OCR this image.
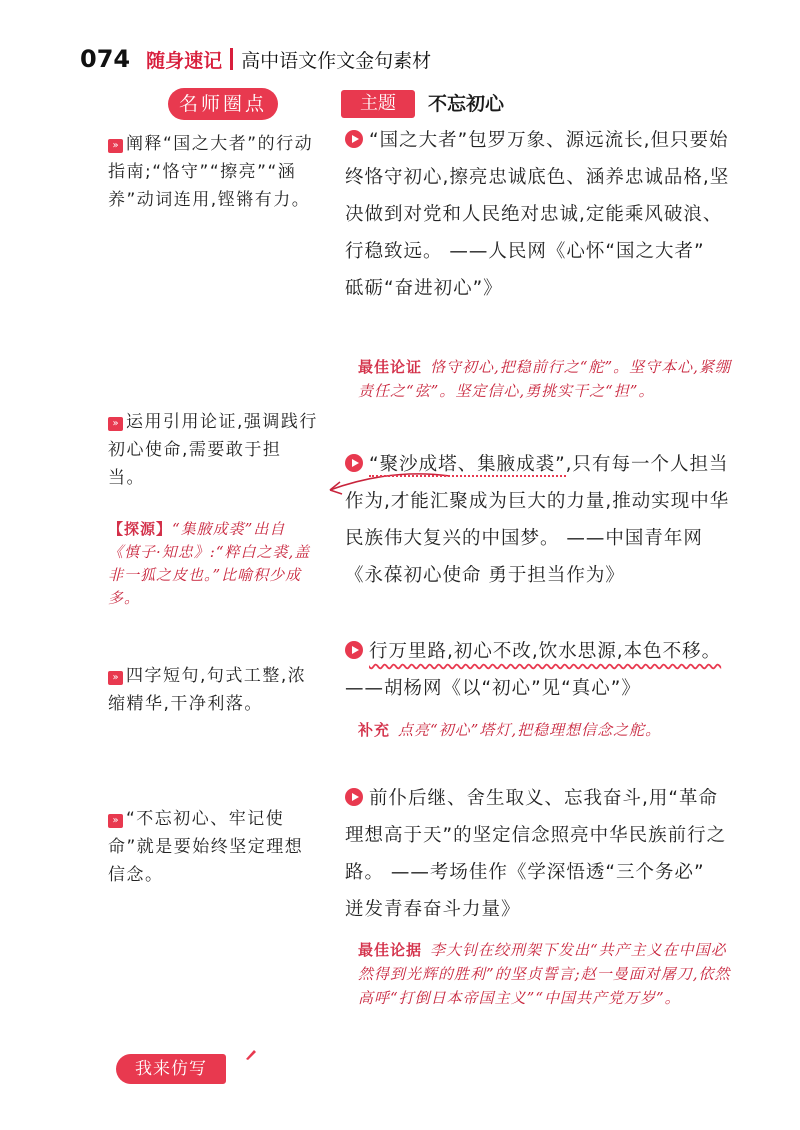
074 随身速记 高中语文作文金句素材
名师圈点	主题	不忘初心
» 阐释“国之大者”的行动指南;“恪守”“擦亮”“涵养”动词连用,铿锵有力。
» 运用引用论证,强调践行初心使命,需要敢于担当。
【探源】“集腋成裘”出自《慎子·知忠》:“粹白之裘,盖非一狐之皮也。”比喻积少成多。
» 四字短句,句式工整,浓缩精华,干净利落。
» “不忘初心、牢记使命”就是要始终坚定理想信念。
“国之大者”包罗万象、源远流长,但只要始终恪守初心,擦亮忠诚底色、涵养忠诚品格,坚决做到对党和人民绝对忠诚,定能乘风破浪、行稳致远。 ——人民网《心怀“国之大者” 砥砺“奋进初心”》
最佳论证 恪守初心,把稳前行之“舵”。坚守本心,紧绷责任之“弦”。坚定信心,勇挑实干之“担”。
“聚沙成塔、集腋成裘”,只有每一个人担当作为,才能汇聚成为巨大的力量,推动实现中华民族伟大复兴的中国梦。 ——中国青年网《永葆初心使命 勇于担当作为》
行万里路,初心不改,饮水思源,本色不移。——胡杨网《以“初心”见“真心”》
补充 点亮“初心”塔灯,把稳理想信念之舵。
前仆后继、舍生取义、忘我奋斗,用“革命理想高于天”的坚定信念照亮中华民族前行之路。 ——考场佳作《学深悟透“三个务必” 迸发青春奋斗力量》
最佳论据 李大钊在绞刑架下发出“共产主义在中国必然得到光辉的胜利”的坚贞誓言;赵一曼面对屠刀,依然高呼“打倒日本帝国主义”“中国共产党万岁”。
我来仿写
